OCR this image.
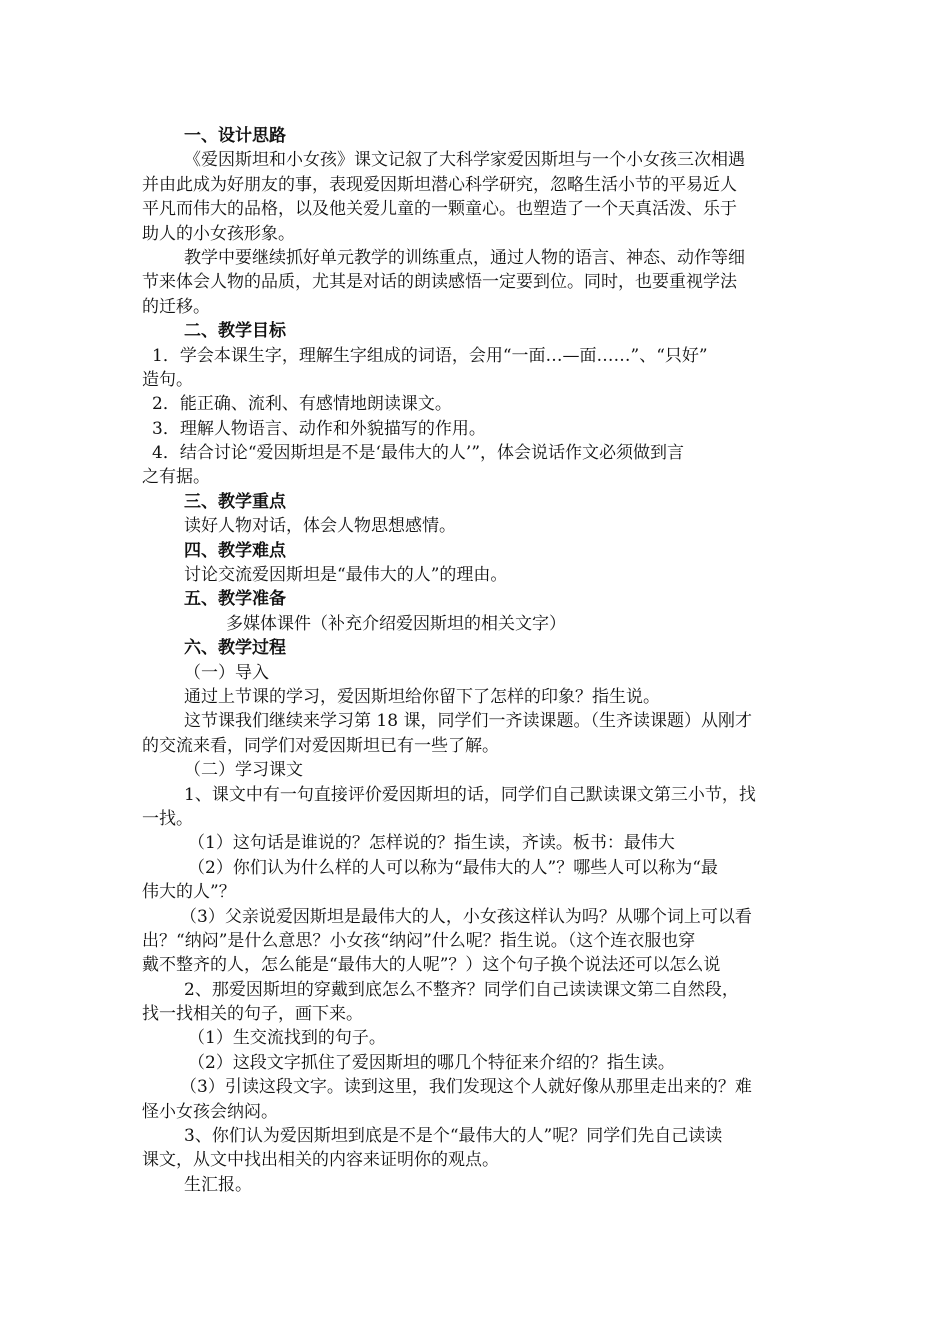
一、设计思路
《爱因斯坦和小女孩》课文记叙了大科学家爱因斯坦与一个小女孩三次相遇
并由此成为好朋友的事，表现爱因斯坦潜心科学研究，忽略生活小节的平易近人
平凡而伟大的品格，以及他关爱儿童的一颗童心。也塑造了一个天真活泼、乐于
助人的小女孩形象。
教学中要继续抓好单元教学的训练重点，通过人物的语言、神态、动作等细
节来体会人物的品质，尤其是对话的朗读感悟一定要到位。同时，也要重视学法
的迁移。
二、教学目标
1．学会本课生字，理解生字组成的词语，会用“一面…—面……”、“只好”
造句。
2．能正确、流利、有感情地朗读课文。
3．理解人物语言、动作和外貌描写的作用。
4．结合讨论“爱因斯坦是不是‘最伟大的人’”，体会说话作文必须做到言
之有据。
三、教学重点
读好人物对话，体会人物思想感情。
四、教学难点
讨论交流爱因斯坦是“最伟大的人”的理由。
五、教学准备
多媒体课件（补充介绍爱因斯坦的相关文字）
六、教学过程
（一）导入
通过上节课的学习，爱因斯坦给你留下了怎样的印象？指生说。
这节课我们继续来学习第 18 课，同学们一齐读课题。（生齐读课题）从刚才
的交流来看，同学们对爱因斯坦已有一些了解。
（二）学习课文
1、课文中有一句直接评价爱因斯坦的话，同学们自己默读课文第三小节，找
一找。
（1）这句话是谁说的？怎样说的？指生读，齐读。板书：最伟大
（2）你们认为什么样的人可以称为“最伟大的人”？哪些人可以称为“最
伟大的人”？
（3）父亲说爱因斯坦是最伟大的人，小女孩这样认为吗？从哪个词上可以看
出？“纳闷”是什么意思？小女孩“纳闷”什么呢？指生说。（这个连衣服也穿
戴不整齐的人，怎么能是“最伟大的人呢”？）这个句子换个说法还可以怎么说
2、那爱因斯坦的穿戴到底怎么不整齐？同学们自己读读课文第二自然段，
找一找相关的句子，画下来。
（1）生交流找到的句子。
（2）这段文字抓住了爱因斯坦的哪几个特征来介绍的？指生读。
（3）引读这段文字。读到这里，我们发现这个人就好像从那里走出来的？难
怪小女孩会纳闷。
3、你们认为爱因斯坦到底是不是个“最伟大的人”呢？同学们先自己读读
课文，从文中找出相关的内容来证明你的观点。
生汇报。
